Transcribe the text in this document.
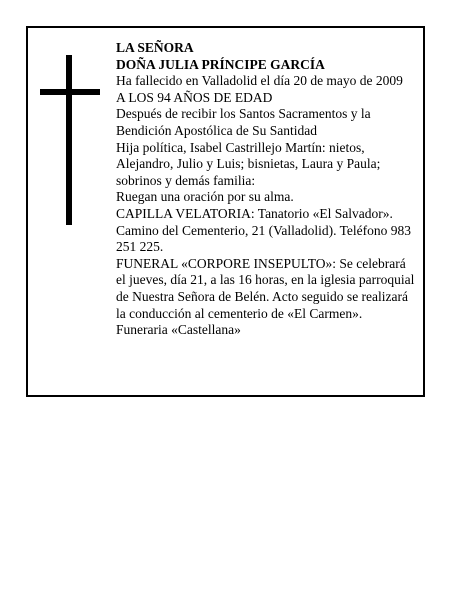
LA SEÑORA

DOÑA JULIA PRÍNCIPE GARCÍA

Ha fallecido en Valladolid el día 20 de mayo de 2009

A LOS 94 AÑOS DE EDAD

Después de recibir los Santos Sacramentos y la Bendición Apostólica de Su Santidad

Hija política, Isabel Castrillejo Martín: nietos, Alejandro, Julio y Luis; bisnietas, Laura y Paula; sobrinos y demás familia:

Ruegan una oración por su alma.

CAPILLA VELATORIA: Tanatorio «El Salvador». Camino del Cementerio, 21 (Valladolid). Teléfono 983 251 225.

FUNERAL «CORPORE INSEPULTO»: Se celebrará el jueves, día 21, a las 16 horas, en la iglesia parroquial de Nuestra Señora de Belén. Acto seguido se realizará la conducción al cementerio de «El Carmen».

Funeraria «Castellana»
